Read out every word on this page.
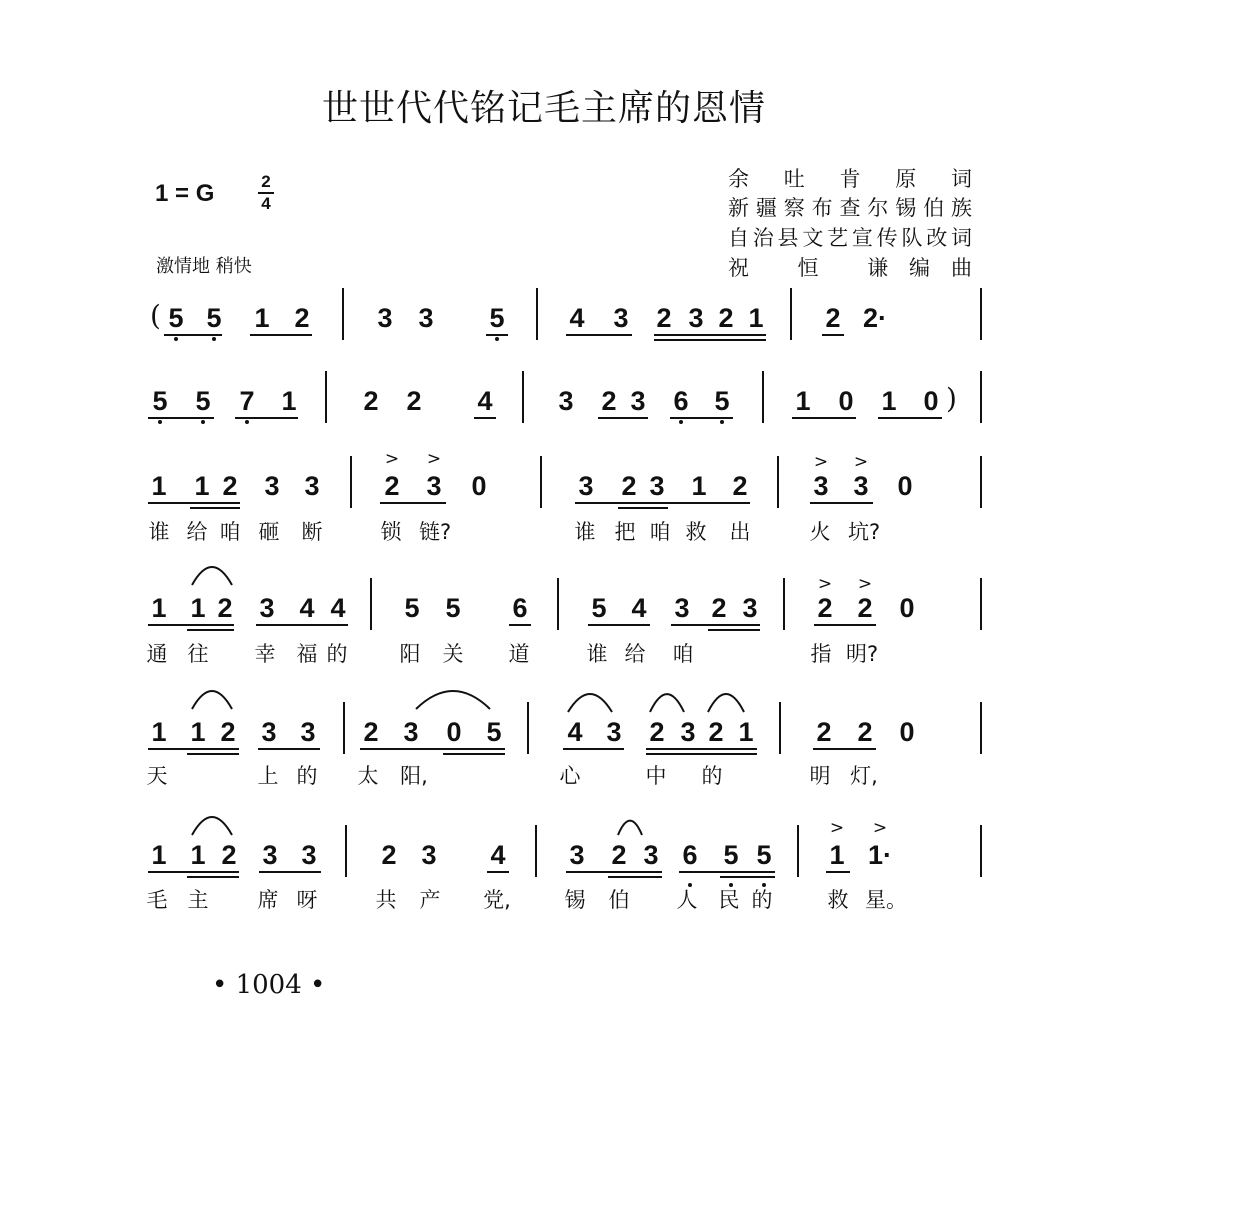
世世代代铭记毛主席的恩情
1 = G	2
4
激情地 稍快
余 吐 肯 原 词
新疆察布查尔锡伯族
自治县文艺宣传队改词
祝 恒 谦编曲
5 5 1 2	3 3 5 4 3 2 3 2 1 2 2·
(
5 5 7 1 2 2 4 3 2 3 6 5 1 0 1 0 )
1 1 2 3 3 2 3 0	3 2 3 1 2 3 3 0
> >	> >
谁 给 咱 砸 断	锁 链?	谁 把 咱 救 出	火 坑?
1 1 2 3 4 4 5 5 6 5 4 3 2 3 2 2 0
> >
通 往 幸 福 的 阳 关 道	谁 给 咱	指 明?
1 1 2 3 3 2 3 0 5 4 3 2 3 2 1 2 2 0
天	上 的 太 阳,	心	中 的	明 灯,
1 1 2 3 3 2 3 4 3 2 3 6 5 5 1 1·
> >
毛 主 席 呀	共 产 党,	锡 伯 人 民 的	救 星。
• 1004 •
